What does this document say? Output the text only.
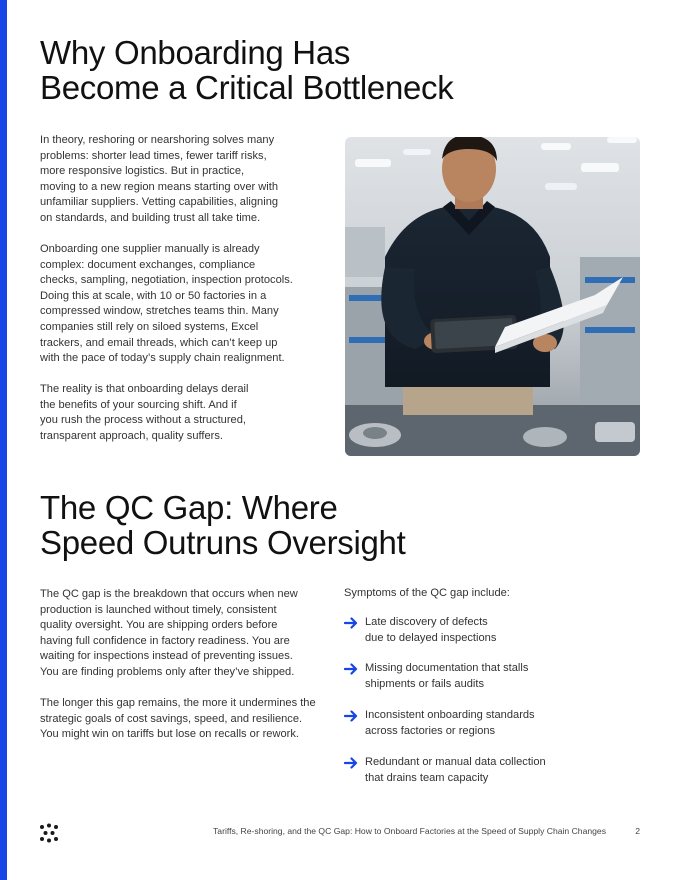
Why Onboarding Has
Become a Critical Bottleneck

In theory, reshoring or nearshoring solves many
problems: shorter lead times, fewer tariff risks,
more responsive logistics. But in practice,
moving to a new region means starting over with
unfamiliar suppliers. Vetting capabilities, aligning
on standards, and building trust all take time.

Onboarding one supplier manually is already
complex: document exchanges, compliance
checks, sampling, negotiation, inspection protocols.
Doing this at scale, with 10 or 50 factories in a
compressed window, stretches teams thin. Many
companies still rely on siloed systems, Excel
trackers, and email threads, which can’t keep up
with the pace of today’s supply chain realignment.

The reality is that onboarding delays derail
the benefits of your sourcing shift. And if
you rush the process without a structured,
transparent approach, quality suffers.

The QC Gap: Where
Speed Outruns Oversight

The QC gap is the breakdown that occurs when new
production is launched without timely, consistent
quality oversight. You are shipping orders before
having full confidence in factory readiness. You are
waiting for inspections instead of preventing issues.
You are finding problems only after they’ve shipped.

The longer this gap remains, the more it undermines the
strategic goals of cost savings, speed, and resilience.
You might win on tariffs but lose on recalls or rework.

Symptoms of the QC gap include:
Late discovery of defects
due to delayed inspections
Missing documentation that stalls
shipments or fails audits
Inconsistent onboarding standards
across factories or regions
Redundant or manual data collection
that drains team capacity
Tariffs, Re-shoring, and the QC Gap: How to Onboard Factories at the Speed of Supply Chain Changes	2
